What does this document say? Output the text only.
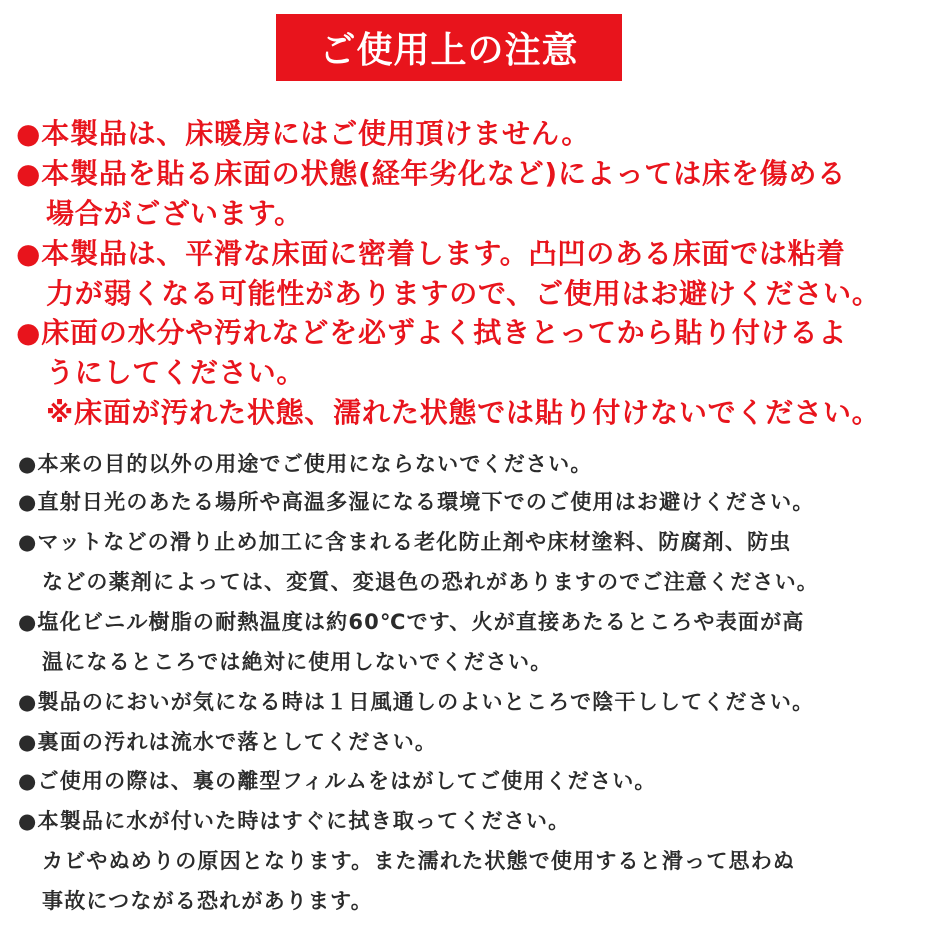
ご使用上の注意
●本製品は、床暖房にはご使用頂けません。
●本製品を貼る床面の状態(経年劣化など)によっては床を傷める
場合がございます。
●本製品は、平滑な床面に密着します。凸凹のある床面では粘着
力が弱くなる可能性がありますので、ご使用はお避けください。
●床面の水分や汚れなどを必ずよく拭きとってから貼り付けるよ
うにしてください。
※床面が汚れた状態、濡れた状態では貼り付けないでください。
●本来の目的以外の用途でご使用にならないでください。
●直射日光のあたる場所や高温多湿になる環境下でのご使用はお避けください。
●マットなどの滑り止め加工に含まれる老化防止剤や床材塗料、防腐剤、防虫
などの薬剤によっては、変質、変退色の恐れがありますのでご注意ください。
●塩化ビニル樹脂の耐熱温度は約60℃です、火が直接あたるところや表面が高
温になるところでは絶対に使用しないでください。
●製品のにおいが気になる時は１日風通しのよいところで陰干ししてください。
●裏面の汚れは流水で落としてください。
●ご使用の際は、裏の離型フィルムをはがしてご使用ください。
●本製品に水が付いた時はすぐに拭き取ってください。
カビやぬめりの原因となります。また濡れた状態で使用すると滑って思わぬ
事故につながる恐れがあります。
